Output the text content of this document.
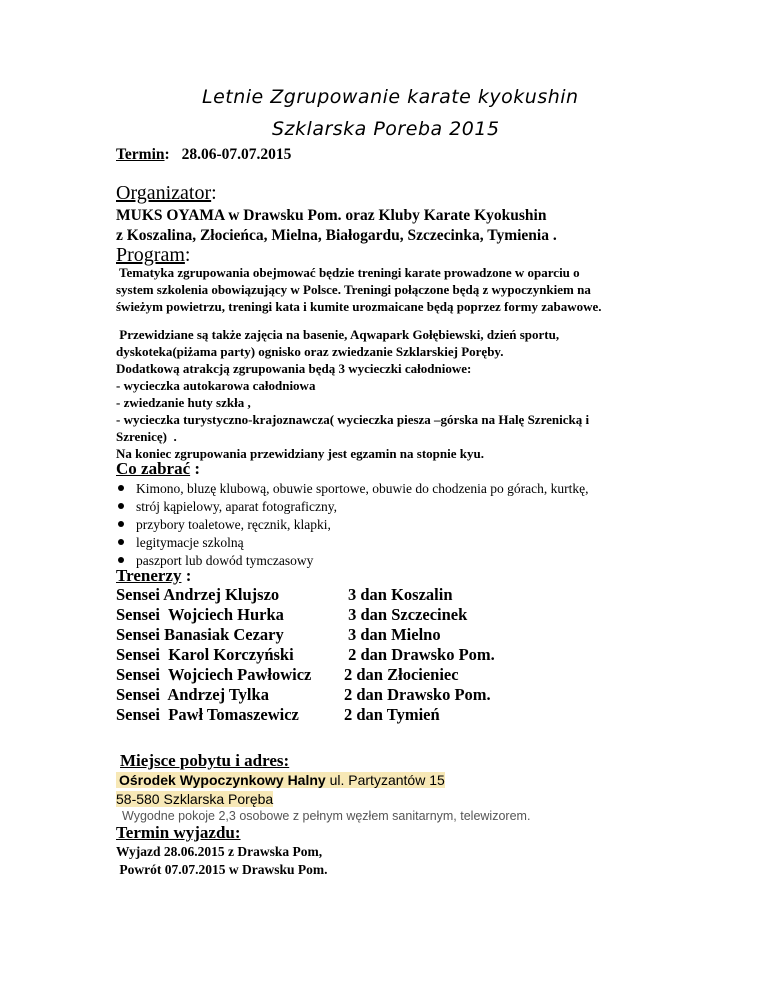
Letnie Zgrupowanie karate kyokushin
Szklarska Poreba 2015
Termin: 28.06-07.07.2015
Organizator:
MUKS OYAMA w Drawsku Pom. oraz Kluby Karate Kyokushin
z Koszalina, Złocieńca, Mielna, Białogardu, Szczecinka, Tymienia .
Program:
Tematyka zgrupowania obejmować będzie treningi karate prowadzone w oparciu o
system szkolenia obowiązujący w Polsce. Treningi połączone będą z wypoczynkiem na
świeżym powietrzu, treningi kata i kumite urozmaicane będą poprzez formy zabawowe.
Przewidziane są także zajęcia na basenie, Aqwapark Gołębiewski, dzień sportu,
dyskoteka(piżama party) ognisko oraz zwiedzanie Szklarskiej Poręby.
Dodatkową atrakcją zgrupowania będą 3 wycieczki całodniowe:
- wycieczka autokarowa całodniowa
- zwiedzanie huty szkła ,
- wycieczka turystyczno-krajoznawcza( wycieczka piesza –górska na Halę Szrenicką i
Szrenicę)  .
Na koniec zgrupowania przewidziany jest egzamin na stopnie kyu.
Co zabrać :
Kimono, bluzę klubową, obuwie sportowe, obuwie do chodzenia po górach, kurtkę,
strój kąpielowy, aparat fotograficzny,
przybory toaletowe, ręcznik, klapki,
legitymacje szkolną
paszport lub dowód tymczasowy
Trenerzy :
Sensei Andrzej Klujszo	3 dan Koszalin
Sensei  Wojciech Hurka	3 dan Szczecinek
Sensei Banasiak Cezary	3 dan Mielno
Sensei  Karol Korczyński	2 dan Drawsko Pom.
Sensei  Wojciech Pawłowicz 2 dan Złocieniec
Sensei  Andrzej Tylka	2 dan Drawsko Pom.
Sensei  Pawł Tomaszewicz	2 dan Tymień
Miejsce pobytu i adres:
Ośrodek Wypoczynkowy Halny ul. Partyzantów 15
58-580 Szklarska Poręba
Wygodne pokoje 2,3 osobowe z pełnym węzłem sanitarnym, telewizorem.
Termin wyjazdu:
Wyjazd 28.06.2015 z Drawska Pom,
Powrót 07.07.2015 w Drawsku Pom.
